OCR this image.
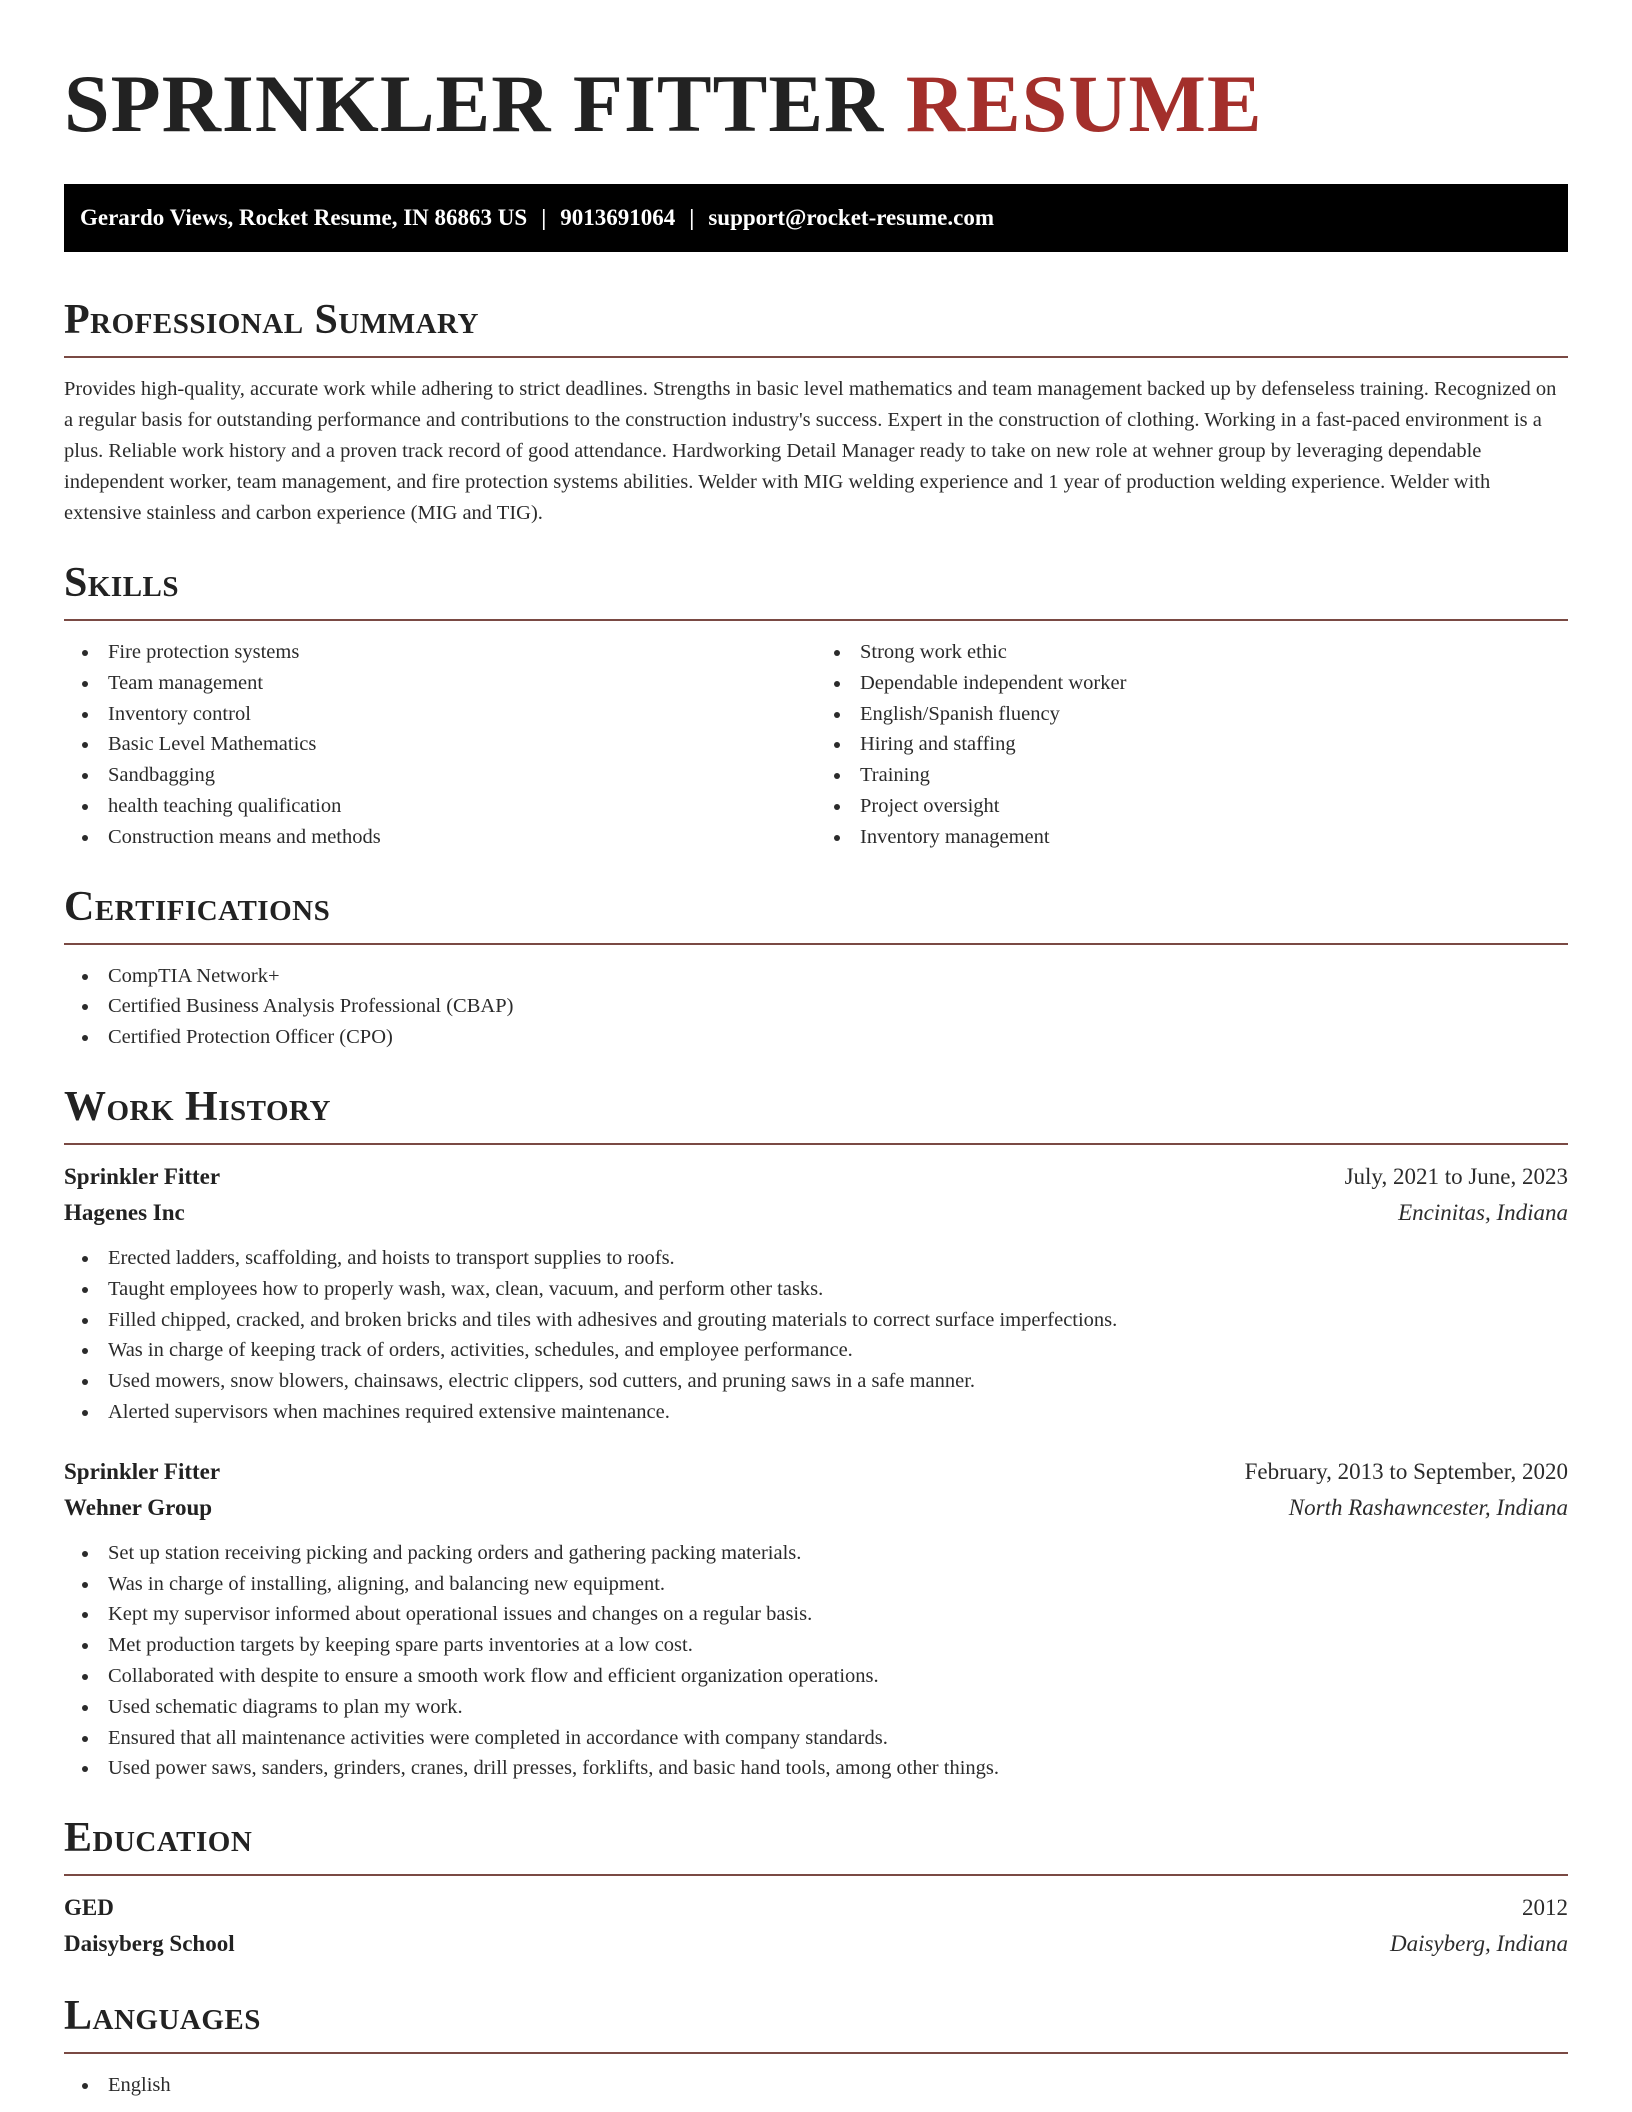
SPRINKLER FITTER RESUME
Gerardo Views, Rocket Resume, IN 86863 US | 9013691064 | support@rocket-resume.com
Professional Summary

Provides high-quality, accurate work while adhering to strict deadlines. Strengths in basic level mathematics and team management backed up by defenseless training. Recognized on a regular basis for outstanding performance and contributions to the construction industry's success. Expert in the construction of clothing. Working in a fast-paced environment is a plus. Reliable work history and a proven track record of good attendance. Hardworking Detail Manager ready to take on new role at wehner group by leveraging dependable independent worker, team management, and fire protection systems abilities. Welder with MIG welding experience and 1 year of production welding experience. Welder with extensive stainless and carbon experience (MIG and TIG).

Skills
Fire protection systems
Team management
Inventory control
Basic Level Mathematics
Sandbagging
health teaching qualification
Construction means and methods
Strong work ethic
Dependable independent worker
English/Spanish fluency
Hiring and staffing
Training
Project oversight
Inventory management
Certifications
CompTIA Network+
Certified Business Analysis Professional (CBAP)
Certified Protection Officer (CPO)
Work History
Sprinkler Fitter	July, 2021 to June, 2023
Hagenes Inc	Encinitas, Indiana
Erected ladders, scaffolding, and hoists to transport supplies to roofs.
Taught employees how to properly wash, wax, clean, vacuum, and perform other tasks.
Filled chipped, cracked, and broken bricks and tiles with adhesives and grouting materials to correct surface imperfections.
Was in charge of keeping track of orders, activities, schedules, and employee performance.
Used mowers, snow blowers, chainsaws, electric clippers, sod cutters, and pruning saws in a safe manner.
Alerted supervisors when machines required extensive maintenance.
Sprinkler Fitter	February, 2013 to September, 2020
Wehner Group	North Rashawncester, Indiana
Set up station receiving picking and packing orders and gathering packing materials.
Was in charge of installing, aligning, and balancing new equipment.
Kept my supervisor informed about operational issues and changes on a regular basis.
Met production targets by keeping spare parts inventories at a low cost.
Collaborated with despite to ensure a smooth work flow and efficient organization operations.
Used schematic diagrams to plan my work.
Ensured that all maintenance activities were completed in accordance with company standards.
Used power saws, sanders, grinders, cranes, drill presses, forklifts, and basic hand tools, among other things.
Education
GED	2012
Daisyberg School	Daisyberg, Indiana
Languages
English
